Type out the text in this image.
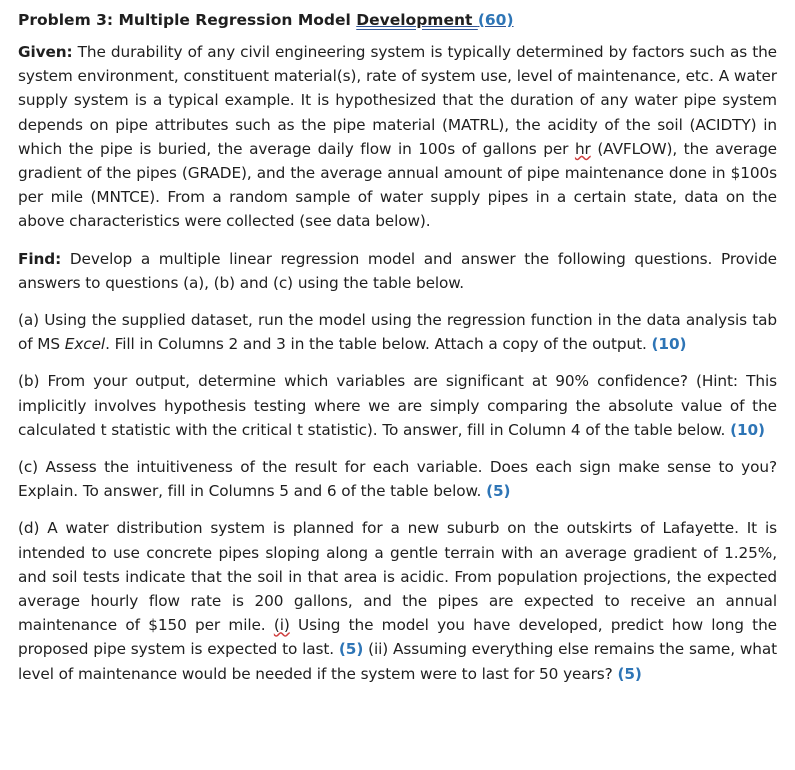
Problem 3: Multiple Regression Model Development (60)

Given: The durability of any civil engineering system is typically determined by factors such as the system environment, constituent material(s), rate of system use, level of maintenance, etc. A water supply system is a typical example. It is hypothesized that the duration of any water pipe system depends on pipe attributes such as the pipe material (MATRL), the acidity of the soil (ACIDTY) in which the pipe is buried, the average daily flow in 100s of gallons per hr (AVFLOW), the average gradient of the pipes (GRADE), and the average annual amount of pipe maintenance done in $100s per mile (MNTCE). From a random sample of water supply pipes in a certain state, data on the above characteristics were collected (see data below).

Find: Develop a multiple linear regression model and answer the following questions. Provide answers to questions (a), (b) and (c) using the table below.

(a) Using the supplied dataset, run the model using the regression function in the data analysis tab of MS Excel. Fill in Columns 2 and 3 in the table below. Attach a copy of the output. (10)

(b) From your output, determine which variables are significant at 90% confidence? (Hint: This implicitly involves hypothesis testing where we are simply comparing the absolute value of the calculated t statistic with the critical t statistic). To answer, fill in Column 4 of the table below. (10)

(c) Assess the intuitiveness of the result for each variable. Does each sign make sense to you? Explain. To answer, fill in Columns 5 and 6 of the table below. (5)

(d) A water distribution system is planned for a new suburb on the outskirts of Lafayette. It is intended to use concrete pipes sloping along a gentle terrain with an average gradient of 1.25%, and soil tests indicate that the soil in that area is acidic. From population projections, the expected average hourly flow rate is 200 gallons, and the pipes are expected to receive an annual maintenance of $150 per mile. (i) Using the model you have developed, predict how long the proposed pipe system is expected to last. (5) (ii) Assuming everything else remains the same, what level of maintenance would be needed if the system were to last for 50 years? (5)
